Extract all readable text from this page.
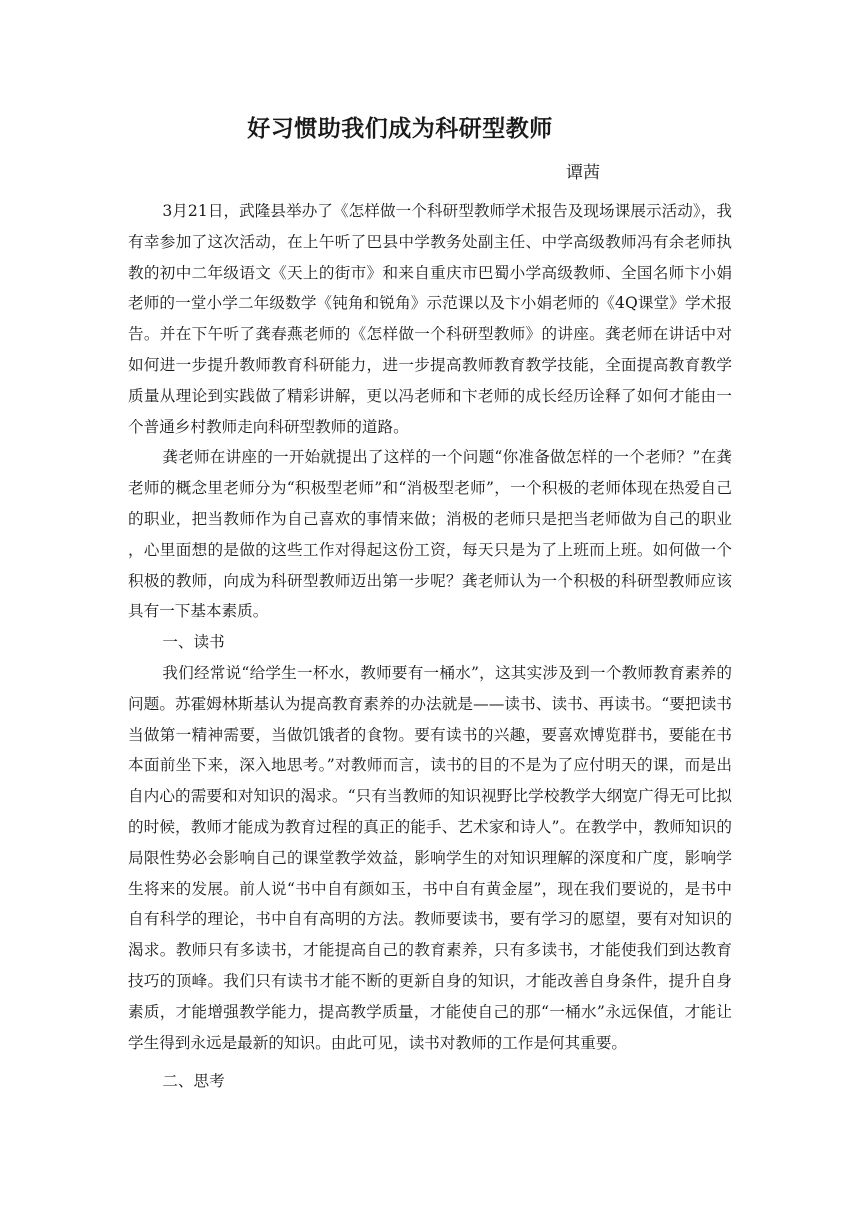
好习惯助我们成为科研型教师

谭茜

3月21日，武隆县举办了《怎样做一个科研型教师学术报告及现场课展示活动》，我有幸参加了这次活动，在上午听了巴县中学教务处副主任、中学高级教师冯有余老师执教的初中二年级语文《天上的街市》和来自重庆市巴蜀小学高级教师、全国名师卞小娟老师的一堂小学二年级数学《钝角和锐角》示范课以及卞小娟老师的《4Q课堂》学术报告。并在下午听了龚春燕老师的《怎样做一个科研型教师》的讲座。龚老师在讲话中对如何进一步提升教师教育科研能力，进一步提高教师教育教学技能，全面提高教育教学质量从理论到实践做了精彩讲解，更以冯老师和卞老师的成长经历诠释了如何才能由一个普通乡村教师走向科研型教师的道路。

龚老师在讲座的一开始就提出了这样的一个问题“你准备做怎样的一个老师？”在龚老师的概念里老师分为“积极型老师”和“消极型老师”，一个积极的老师体现在热爱自己的职业，把当教师作为自己喜欢的事情来做；消极的老师只是把当老师做为自己的职业，心里面想的是做的这些工作对得起这份工资，每天只是为了上班而上班。如何做一个积极的教师，向成为科研型教师迈出第一步呢？龚老师认为一个积极的科研型教师应该具有一下基本素质。

一、读书

我们经常说“给学生一杯水，教师要有一桶水”，这其实涉及到一个教师教育素养的问题。苏霍姆林斯基认为提高教育素养的办法就是——读书、读书、再读书。“要把读书当做第一精神需要，当做饥饿者的食物。要有读书的兴趣，要喜欢博览群书，要能在书本面前坐下来，深入地思考。”对教师而言，读书的目的不是为了应付明天的课，而是出自内心的需要和对知识的渴求。“只有当教师的知识视野比学校教学大纲宽广得无可比拟的时候，教师才能成为教育过程的真正的能手、艺术家和诗人”。在教学中，教师知识的局限性势必会影响自己的课堂教学效益，影响学生的对知识理解的深度和广度，影响学生将来的发展。前人说“书中自有颜如玉，书中自有黄金屋”，现在我们要说的，是书中自有科学的理论，书中自有高明的方法。教师要读书，要有学习的愿望，要有对知识的渴求。教师只有多读书，才能提高自己的教育素养，只有多读书，才能使我们到达教育技巧的顶峰。我们只有读书才能不断的更新自身的知识，才能改善自身条件，提升自身素质，才能增强教学能力，提高教学质量，才能使自己的那“一桶水”永远保值，才能让学生得到永远是最新的知识。由此可见，读书对教师的工作是何其重要。

二、思考
